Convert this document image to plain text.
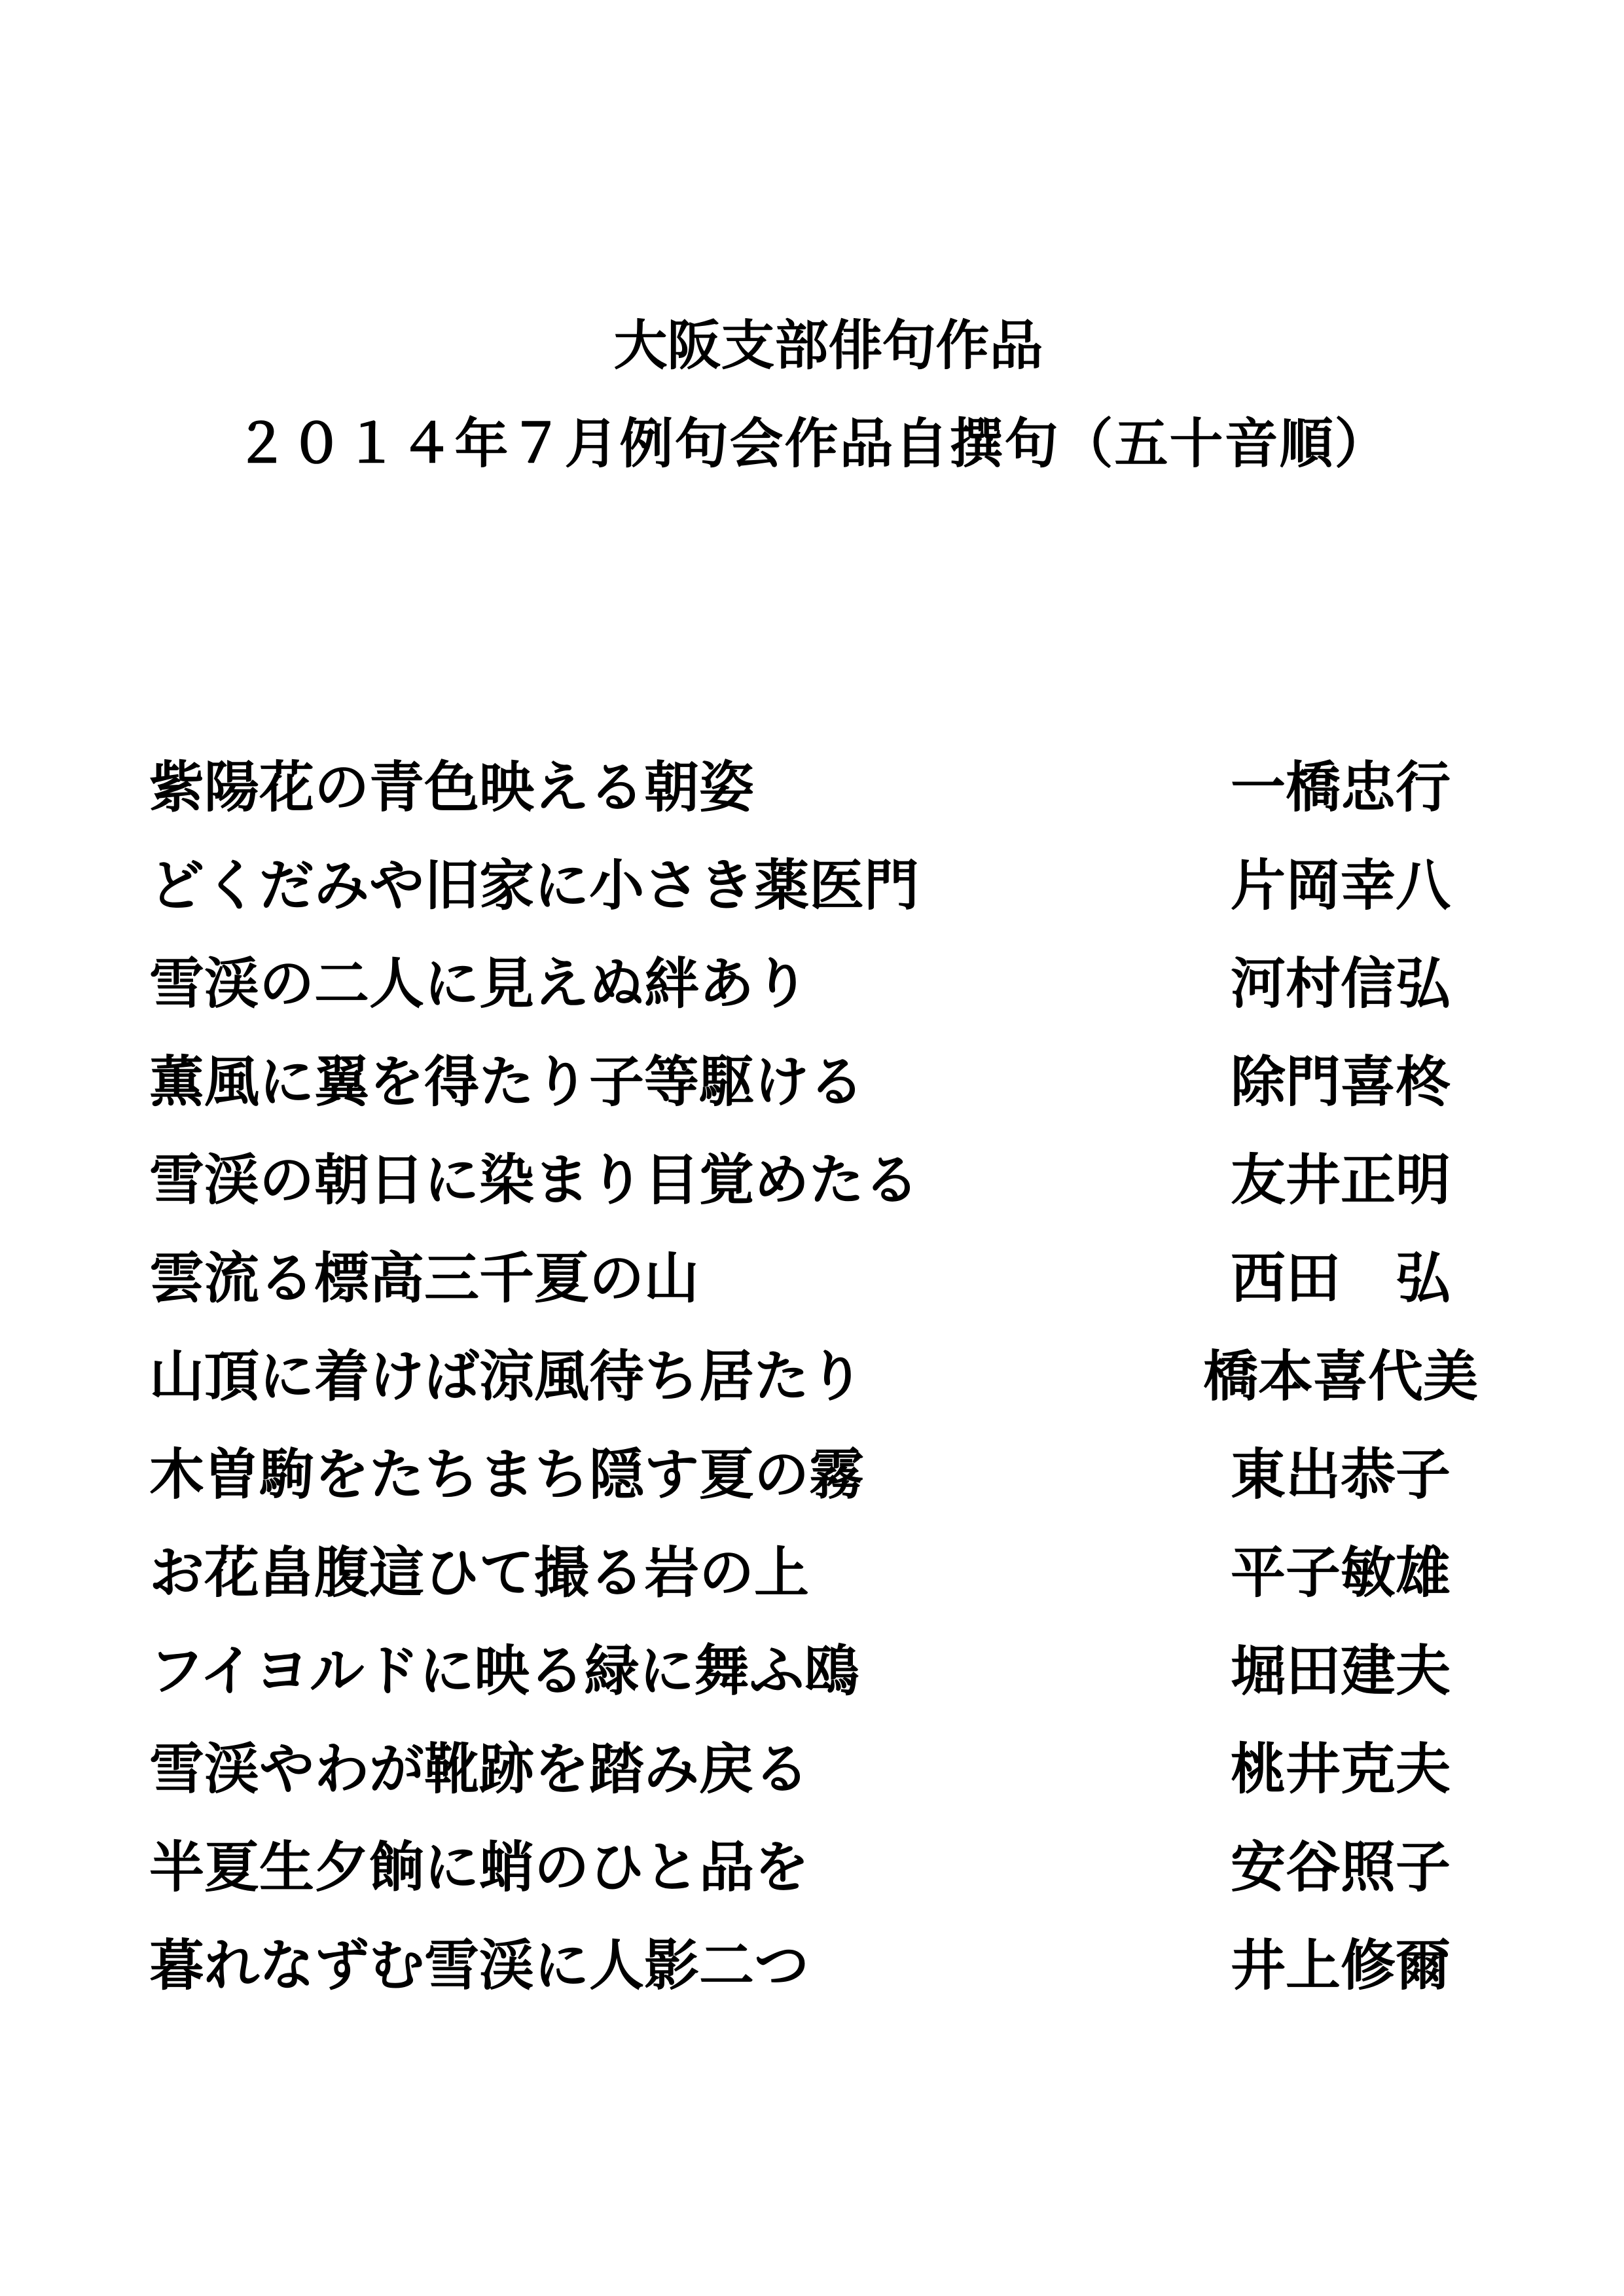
大阪支部俳句作品
２０１４年７月例句会作品自撰句（五十音順）
紫陽花の青色映える朝姿	一橋忠行
どくだみや旧家に小さき薬医門	片岡幸八
雪渓の二人に見えぬ絆あり	河村信弘
薫風に翼を得たり子等駆ける	除門喜柊
雪渓の朝日に染まり目覚めたる	友井正明
雲流る標高三千夏の山	西田　弘
山頂に着けば涼風待ち居たり	橋本喜代美
木曽駒をたちまち隠す夏の霧	東出恭子
お花畠腹這ひて撮る岩の上	平子敏雄
フイヨルドに映る緑に舞ふ鴎	堀田建夫
雪渓やわが靴跡を踏み戻る	桃井克夫
半夏生夕餉に蛸のひと品を	安谷照子
暮れなずむ雪渓に人影二つ	井上修爾
